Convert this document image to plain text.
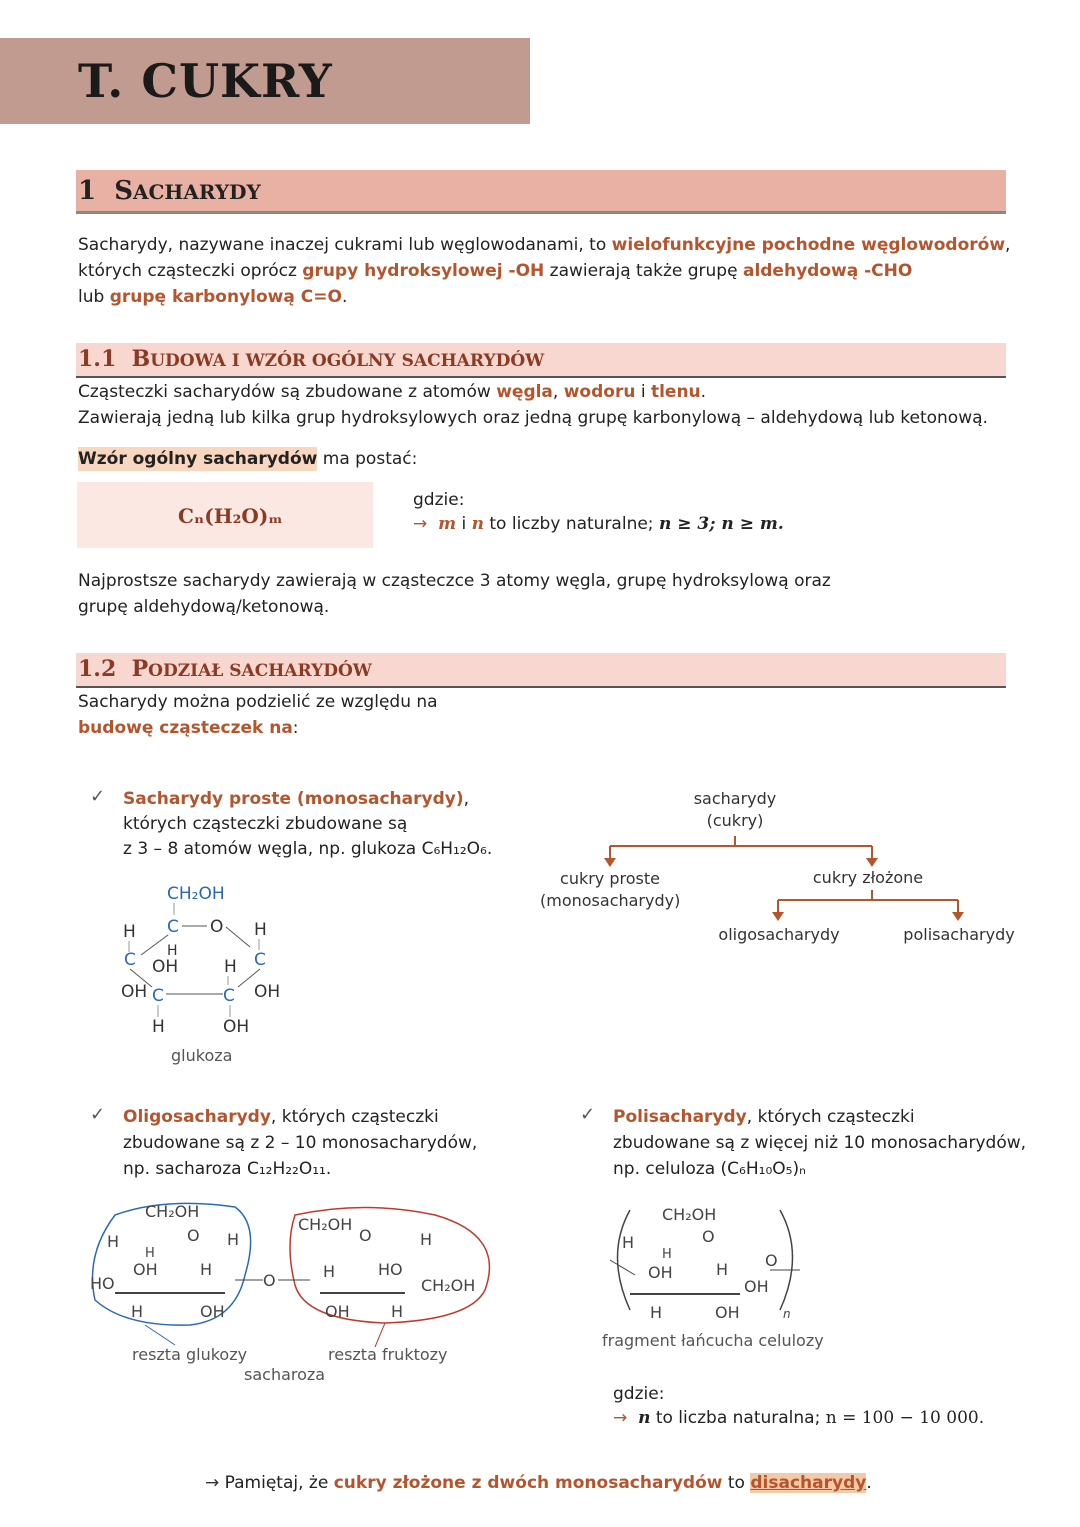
T. CUKRY
1 SACHARYDY
Sacharydy, nazywane inaczej cukrami lub węglowodanami, to wielofunkcyjne pochodne węglowodorów,
których cząsteczki oprócz grupy hydroksylowej -OH zawierają także grupę aldehydową -CHO
lub grupę karbonylową C=O.
1.1 BUDOWA I WZÓR OGÓLNY SACHARYDÓW
Cząsteczki sacharydów są zbudowane z atomów węgla, wodoru i tlenu.
Zawierają jedną lub kilka grup hydroksylowych oraz jedną grupę karbonylową – aldehydową lub ketonową.
Wzór ogólny sacharydów ma postać:
Cₙ(H₂O)ₘ
gdzie:
→ m i n to liczby naturalne; n ≥ 3; n ≥ m.
Najprostsze sacharydy zawierają w cząsteczce 3 atomy węgla, grupę hydroksylową oraz
grupę aldehydową/ketonową.
1.2 PODZIAŁ SACHARYDÓW
Sacharydy można podzielić ze względu na
budowę cząsteczek na:
✓ Sacharydy proste (monosacharydy),
których cząsteczki zbudowane są
z 3 – 8 atomów węgla, np. glukoza C₆H₁₂O₆.
CH₂OH
C O H
C
H
C H
OH	H
OH
C
OH C
H	OH
glukoza
sacharydy
(cukry)
cukry proste
(monosacharydy)
cukry złożone
oligosacharydy	polisacharydy
✓ Oligosacharydy, których cząsteczki
zbudowane są z 2 – 10 monosacharydów,
np. sacharoza C₁₂H₂₂O₁₁.
CH₂OH
O H
H
H
OH	H
HO
H	OH
O
CH₂OH
O	H
H	HO
CH₂OH
OH	H
reszta glukozy	reszta fruktozy
sacharoza
✓ Polisacharydy, których cząsteczki
zbudowane są z więcej niż 10 monosacharydów,
np. celuloza (C₆H₁₀O₅)ₙ
CH₂OH
O
H
H
OH	H O
OH
H	OH	n
fragment łańcucha celulozy
gdzie:
→ n to liczba naturalna; n = 100 − 10 000.
→ Pamiętaj, że cukry złożone z dwóch monosacharydów to disacharydy.
